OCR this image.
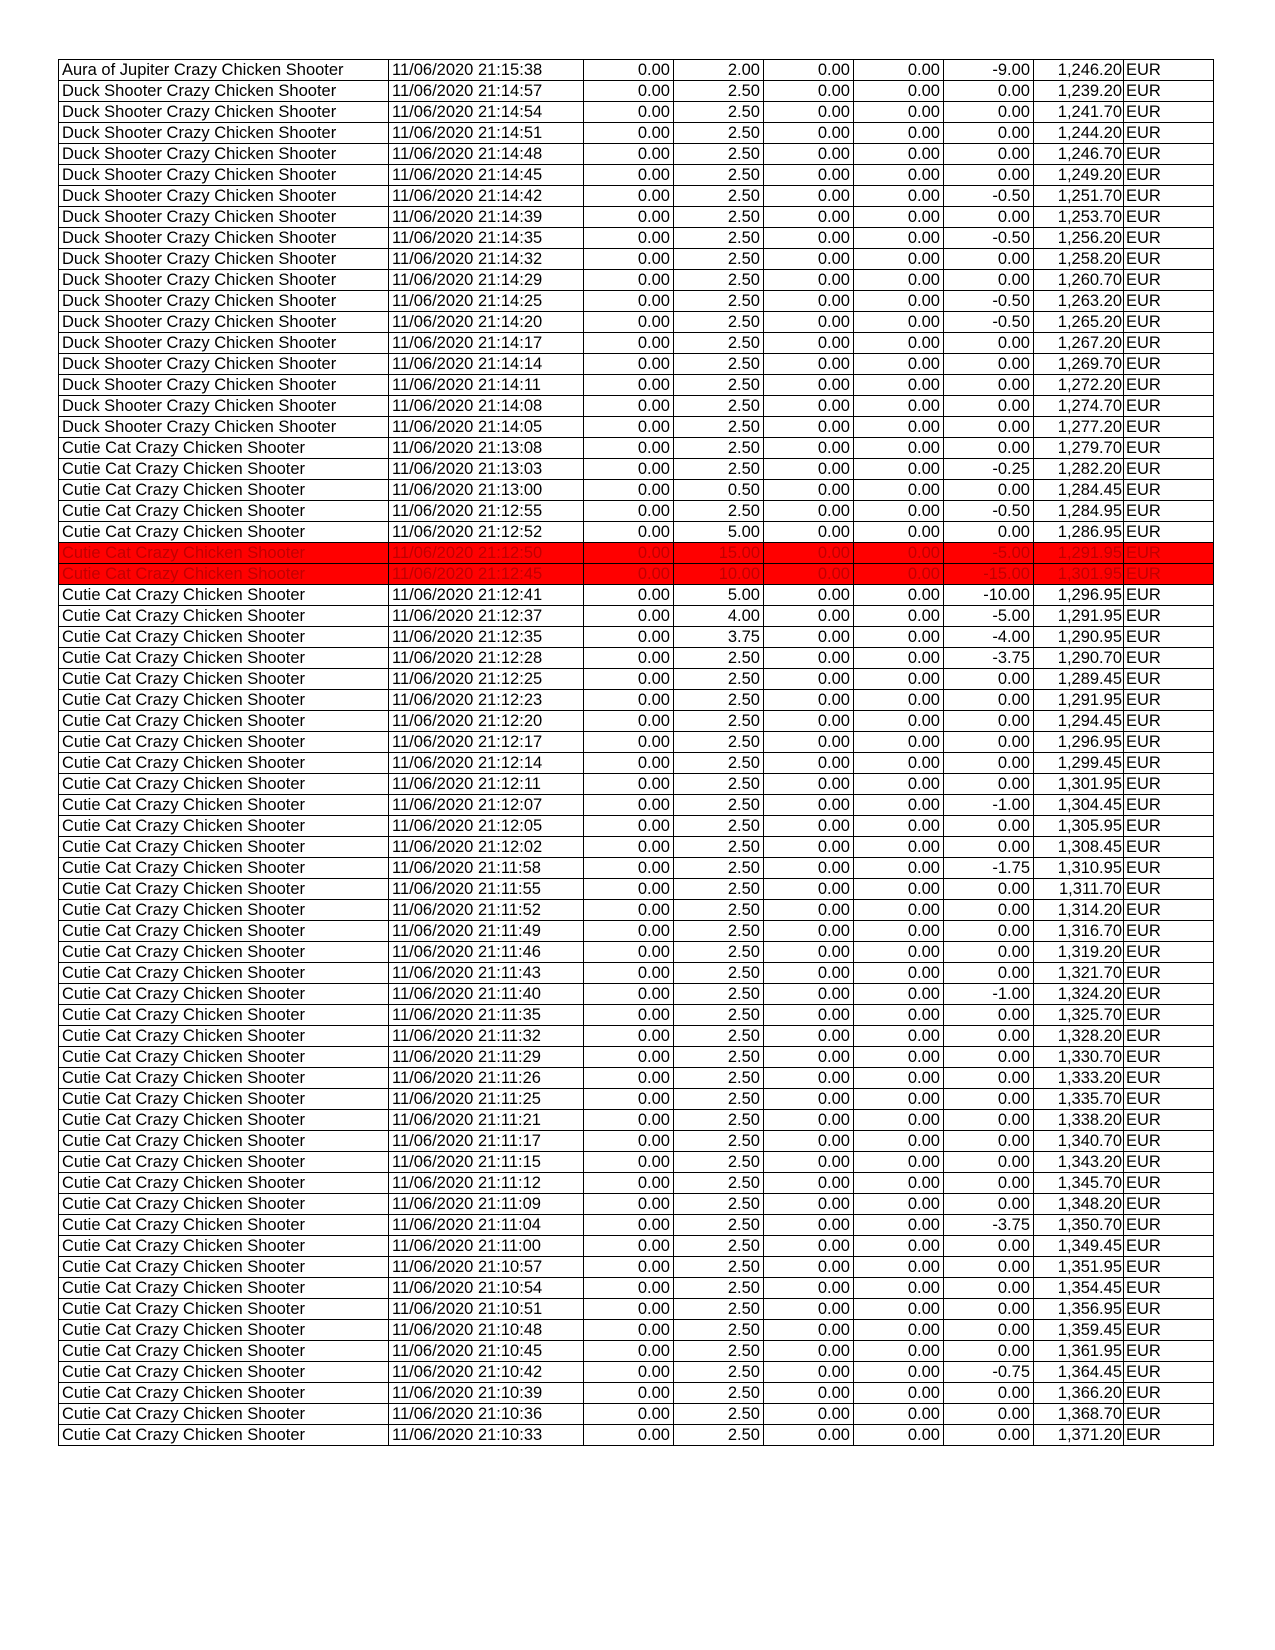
Aura of Jupiter Crazy Chicken Shooter	11/06/2020 21:15:38	0.00	2.00	0.00	0.00	-9.00	1,246.20	EUR
Duck Shooter Crazy Chicken Shooter	11/06/2020 21:14:57	0.00	2.50	0.00	0.00	0.00	1,239.20	EUR
Duck Shooter Crazy Chicken Shooter	11/06/2020 21:14:54	0.00	2.50	0.00	0.00	0.00	1,241.70	EUR
Duck Shooter Crazy Chicken Shooter	11/06/2020 21:14:51	0.00	2.50	0.00	0.00	0.00	1,244.20	EUR
Duck Shooter Crazy Chicken Shooter	11/06/2020 21:14:48	0.00	2.50	0.00	0.00	0.00	1,246.70	EUR
Duck Shooter Crazy Chicken Shooter	11/06/2020 21:14:45	0.00	2.50	0.00	0.00	0.00	1,249.20	EUR
Duck Shooter Crazy Chicken Shooter	11/06/2020 21:14:42	0.00	2.50	0.00	0.00	-0.50	1,251.70	EUR
Duck Shooter Crazy Chicken Shooter	11/06/2020 21:14:39	0.00	2.50	0.00	0.00	0.00	1,253.70	EUR
Duck Shooter Crazy Chicken Shooter	11/06/2020 21:14:35	0.00	2.50	0.00	0.00	-0.50	1,256.20	EUR
Duck Shooter Crazy Chicken Shooter	11/06/2020 21:14:32	0.00	2.50	0.00	0.00	0.00	1,258.20	EUR
Duck Shooter Crazy Chicken Shooter	11/06/2020 21:14:29	0.00	2.50	0.00	0.00	0.00	1,260.70	EUR
Duck Shooter Crazy Chicken Shooter	11/06/2020 21:14:25	0.00	2.50	0.00	0.00	-0.50	1,263.20	EUR
Duck Shooter Crazy Chicken Shooter	11/06/2020 21:14:20	0.00	2.50	0.00	0.00	-0.50	1,265.20	EUR
Duck Shooter Crazy Chicken Shooter	11/06/2020 21:14:17	0.00	2.50	0.00	0.00	0.00	1,267.20	EUR
Duck Shooter Crazy Chicken Shooter	11/06/2020 21:14:14	0.00	2.50	0.00	0.00	0.00	1,269.70	EUR
Duck Shooter Crazy Chicken Shooter	11/06/2020 21:14:11	0.00	2.50	0.00	0.00	0.00	1,272.20	EUR
Duck Shooter Crazy Chicken Shooter	11/06/2020 21:14:08	0.00	2.50	0.00	0.00	0.00	1,274.70	EUR
Duck Shooter Crazy Chicken Shooter	11/06/2020 21:14:05	0.00	2.50	0.00	0.00	0.00	1,277.20	EUR
Cutie Cat Crazy Chicken Shooter	11/06/2020 21:13:08	0.00	2.50	0.00	0.00	0.00	1,279.70	EUR
Cutie Cat Crazy Chicken Shooter	11/06/2020 21:13:03	0.00	2.50	0.00	0.00	-0.25	1,282.20	EUR
Cutie Cat Crazy Chicken Shooter	11/06/2020 21:13:00	0.00	0.50	0.00	0.00	0.00	1,284.45	EUR
Cutie Cat Crazy Chicken Shooter	11/06/2020 21:12:55	0.00	2.50	0.00	0.00	-0.50	1,284.95	EUR
Cutie Cat Crazy Chicken Shooter	11/06/2020 21:12:52	0.00	5.00	0.00	0.00	0.00	1,286.95	EUR
Cutie Cat Crazy Chicken Shooter	11/06/2020 21:12:50	0.00	15.00	0.00	0.00	-5.00	1,291.95	EUR
Cutie Cat Crazy Chicken Shooter	11/06/2020 21:12:45	0.00	10.00	0.00	0.00	-15.00	1,301.95	EUR
Cutie Cat Crazy Chicken Shooter	11/06/2020 21:12:41	0.00	5.00	0.00	0.00	-10.00	1,296.95	EUR
Cutie Cat Crazy Chicken Shooter	11/06/2020 21:12:37	0.00	4.00	0.00	0.00	-5.00	1,291.95	EUR
Cutie Cat Crazy Chicken Shooter	11/06/2020 21:12:35	0.00	3.75	0.00	0.00	-4.00	1,290.95	EUR
Cutie Cat Crazy Chicken Shooter	11/06/2020 21:12:28	0.00	2.50	0.00	0.00	-3.75	1,290.70	EUR
Cutie Cat Crazy Chicken Shooter	11/06/2020 21:12:25	0.00	2.50	0.00	0.00	0.00	1,289.45	EUR
Cutie Cat Crazy Chicken Shooter	11/06/2020 21:12:23	0.00	2.50	0.00	0.00	0.00	1,291.95	EUR
Cutie Cat Crazy Chicken Shooter	11/06/2020 21:12:20	0.00	2.50	0.00	0.00	0.00	1,294.45	EUR
Cutie Cat Crazy Chicken Shooter	11/06/2020 21:12:17	0.00	2.50	0.00	0.00	0.00	1,296.95	EUR
Cutie Cat Crazy Chicken Shooter	11/06/2020 21:12:14	0.00	2.50	0.00	0.00	0.00	1,299.45	EUR
Cutie Cat Crazy Chicken Shooter	11/06/2020 21:12:11	0.00	2.50	0.00	0.00	0.00	1,301.95	EUR
Cutie Cat Crazy Chicken Shooter	11/06/2020 21:12:07	0.00	2.50	0.00	0.00	-1.00	1,304.45	EUR
Cutie Cat Crazy Chicken Shooter	11/06/2020 21:12:05	0.00	2.50	0.00	0.00	0.00	1,305.95	EUR
Cutie Cat Crazy Chicken Shooter	11/06/2020 21:12:02	0.00	2.50	0.00	0.00	0.00	1,308.45	EUR
Cutie Cat Crazy Chicken Shooter	11/06/2020 21:11:58	0.00	2.50	0.00	0.00	-1.75	1,310.95	EUR
Cutie Cat Crazy Chicken Shooter	11/06/2020 21:11:55	0.00	2.50	0.00	0.00	0.00	1,311.70	EUR
Cutie Cat Crazy Chicken Shooter	11/06/2020 21:11:52	0.00	2.50	0.00	0.00	0.00	1,314.20	EUR
Cutie Cat Crazy Chicken Shooter	11/06/2020 21:11:49	0.00	2.50	0.00	0.00	0.00	1,316.70	EUR
Cutie Cat Crazy Chicken Shooter	11/06/2020 21:11:46	0.00	2.50	0.00	0.00	0.00	1,319.20	EUR
Cutie Cat Crazy Chicken Shooter	11/06/2020 21:11:43	0.00	2.50	0.00	0.00	0.00	1,321.70	EUR
Cutie Cat Crazy Chicken Shooter	11/06/2020 21:11:40	0.00	2.50	0.00	0.00	-1.00	1,324.20	EUR
Cutie Cat Crazy Chicken Shooter	11/06/2020 21:11:35	0.00	2.50	0.00	0.00	0.00	1,325.70	EUR
Cutie Cat Crazy Chicken Shooter	11/06/2020 21:11:32	0.00	2.50	0.00	0.00	0.00	1,328.20	EUR
Cutie Cat Crazy Chicken Shooter	11/06/2020 21:11:29	0.00	2.50	0.00	0.00	0.00	1,330.70	EUR
Cutie Cat Crazy Chicken Shooter	11/06/2020 21:11:26	0.00	2.50	0.00	0.00	0.00	1,333.20	EUR
Cutie Cat Crazy Chicken Shooter	11/06/2020 21:11:25	0.00	2.50	0.00	0.00	0.00	1,335.70	EUR
Cutie Cat Crazy Chicken Shooter	11/06/2020 21:11:21	0.00	2.50	0.00	0.00	0.00	1,338.20	EUR
Cutie Cat Crazy Chicken Shooter	11/06/2020 21:11:17	0.00	2.50	0.00	0.00	0.00	1,340.70	EUR
Cutie Cat Crazy Chicken Shooter	11/06/2020 21:11:15	0.00	2.50	0.00	0.00	0.00	1,343.20	EUR
Cutie Cat Crazy Chicken Shooter	11/06/2020 21:11:12	0.00	2.50	0.00	0.00	0.00	1,345.70	EUR
Cutie Cat Crazy Chicken Shooter	11/06/2020 21:11:09	0.00	2.50	0.00	0.00	0.00	1,348.20	EUR
Cutie Cat Crazy Chicken Shooter	11/06/2020 21:11:04	0.00	2.50	0.00	0.00	-3.75	1,350.70	EUR
Cutie Cat Crazy Chicken Shooter	11/06/2020 21:11:00	0.00	2.50	0.00	0.00	0.00	1,349.45	EUR
Cutie Cat Crazy Chicken Shooter	11/06/2020 21:10:57	0.00	2.50	0.00	0.00	0.00	1,351.95	EUR
Cutie Cat Crazy Chicken Shooter	11/06/2020 21:10:54	0.00	2.50	0.00	0.00	0.00	1,354.45	EUR
Cutie Cat Crazy Chicken Shooter	11/06/2020 21:10:51	0.00	2.50	0.00	0.00	0.00	1,356.95	EUR
Cutie Cat Crazy Chicken Shooter	11/06/2020 21:10:48	0.00	2.50	0.00	0.00	0.00	1,359.45	EUR
Cutie Cat Crazy Chicken Shooter	11/06/2020 21:10:45	0.00	2.50	0.00	0.00	0.00	1,361.95	EUR
Cutie Cat Crazy Chicken Shooter	11/06/2020 21:10:42	0.00	2.50	0.00	0.00	-0.75	1,364.45	EUR
Cutie Cat Crazy Chicken Shooter	11/06/2020 21:10:39	0.00	2.50	0.00	0.00	0.00	1,366.20	EUR
Cutie Cat Crazy Chicken Shooter	11/06/2020 21:10:36	0.00	2.50	0.00	0.00	0.00	1,368.70	EUR
Cutie Cat Crazy Chicken Shooter	11/06/2020 21:10:33	0.00	2.50	0.00	0.00	0.00	1,371.20	EUR
